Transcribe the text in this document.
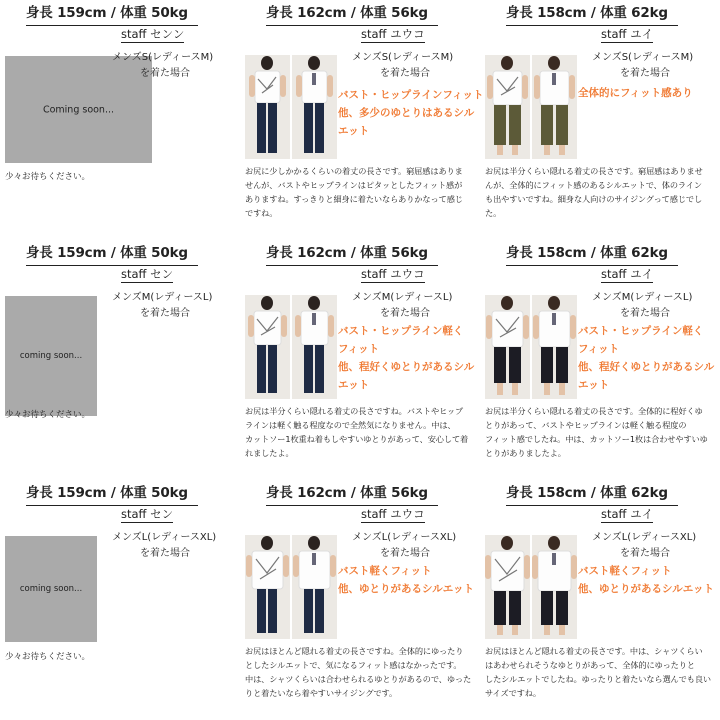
身長 159cm / 体重 50kg
staff センン
Coming soon...
メンズS(レディースM)
を着た場合
少々お待ちください。
身長 162cm / 体重 56kg
staff ユウコ
メンズS(レディースM)
を着た場合
バスト・ヒップラインフィット
他、多少のゆとりはあるシル
エット
お尻に少しかかるくらいの着丈の長さです。窮屈感はありま
せんが、バストやヒップラインはピタッとしたフィット感が
ありますね。すっきりと細身に着たいならありかなって感じ
ですね。
身長 158cm / 体重 62kg
staff ユイ
メンズS(レディースM)
を着た場合
全体的にフィット感あり
お尻は半分くらい隠れる着丈の長さです。窮屈感はありませ
んが、全体的にフィット感のあるシルエットで、体のライン
も出やすいですね。細身な人向けのサイジングって感じでし
た。
身長 159cm / 体重 50kg
staff セン
coming soon...
メンズM(レディースL)
を着た場合
少々お待ちください。
身長 162cm / 体重 56kg
staff ユウコ
メンズM(レディースL)
を着た場合
バスト・ヒップライン軽く
フィット
他、程好くゆとりがあるシル
エット
お尻は半分くらい隠れる着丈の長さですね。バストやヒップ
ラインは軽く触る程度なので全然気になりません。中は、
カットソー1枚重ね着もしやすいゆとりがあって、安心して着
れましたよ。
身長 158cm / 体重 62kg
staff ユイ
メンズM(レディースL)
を着た場合
バスト・ヒップライン軽く
フィット
他、程好くゆとりがあるシル
エット
お尻は半分くらい隠れる着丈の長さです。全体的に程好くゆ
とりがあって、バストやヒップラインは軽く触る程度の
フィット感でしたね。中は、カットソー1枚は合わせやすいゆ
とりがありましたよ。
身長 159cm / 体重 50kg
staff セン
coming soon...
メンズL(レディースXL)
を着た場合
少々お待ちください。
身長 162cm / 体重 56kg
staff ユウコ
メンズL(レディースXL)
を着た場合
バスト軽くフィット
他、ゆとりがあるシルエット
お尻はほとんど隠れる着丈の長さですね。全体的にゆったり
としたシルエットで、気になるフィット感はなかったです。
中は、シャツくらいは合わせられるゆとりがあるので、ゆった
りと着たいなら着やすいサイジングです。
身長 158cm / 体重 62kg
staff ユイ
メンズL(レディースXL)
を着た場合
バスト軽くフィット
他、ゆとりがあるシルエット
お尻はほとんど隠れる着丈の長さです。中は、シャツくらい
はあわせられそうなゆとりがあって、全体的にゆったりと
したシルエットでしたね。ゆったりと着たいなら選んでも良い
サイズですね。
